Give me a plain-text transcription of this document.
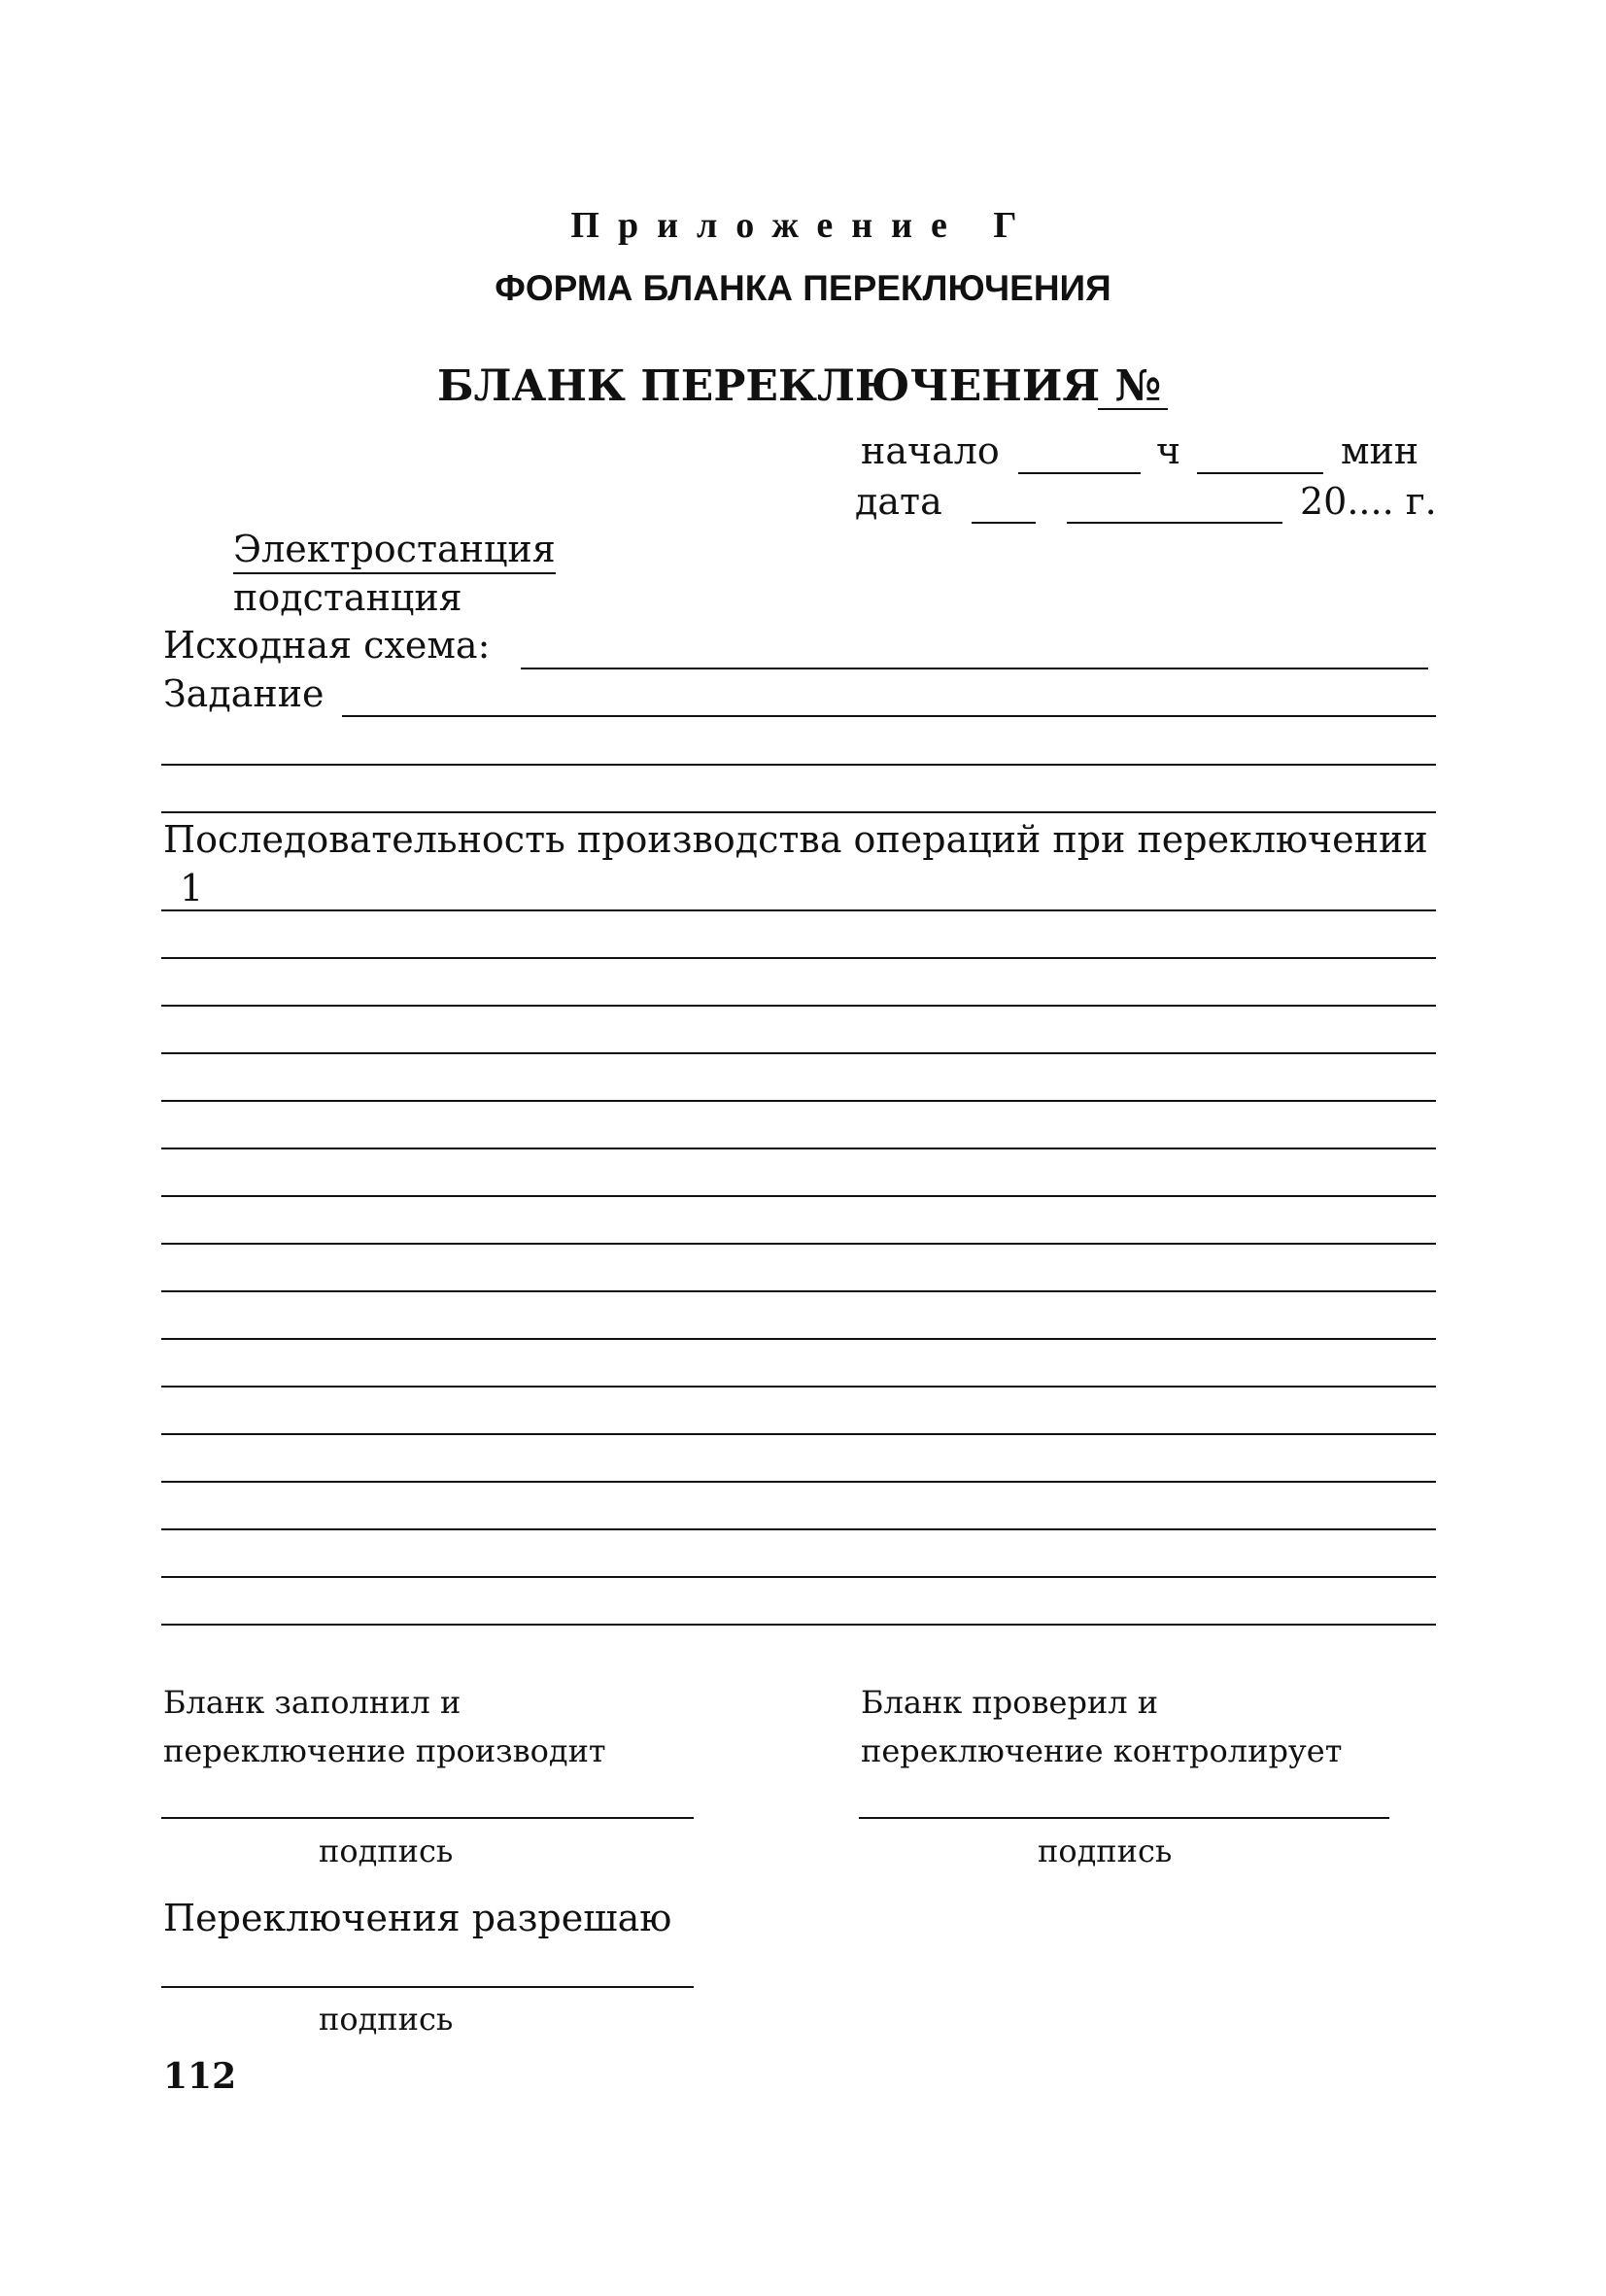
Приложение Г
ФОРМА БЛАНКА ПЕРЕКЛЮЧЕНИЯ
БЛАНК ПЕРЕКЛЮЧЕНИЯ №
начало	ч	мин
дата	20.... г.
Электростанция
подстанция
Исходная схема:
Задание
Последовательность производства операций при переключении
1
Бланк заполнил и
переключение производит
Бланк проверил и
переключение контролирует
подпись	подпись
Переключения разрешаю
подпись
112
